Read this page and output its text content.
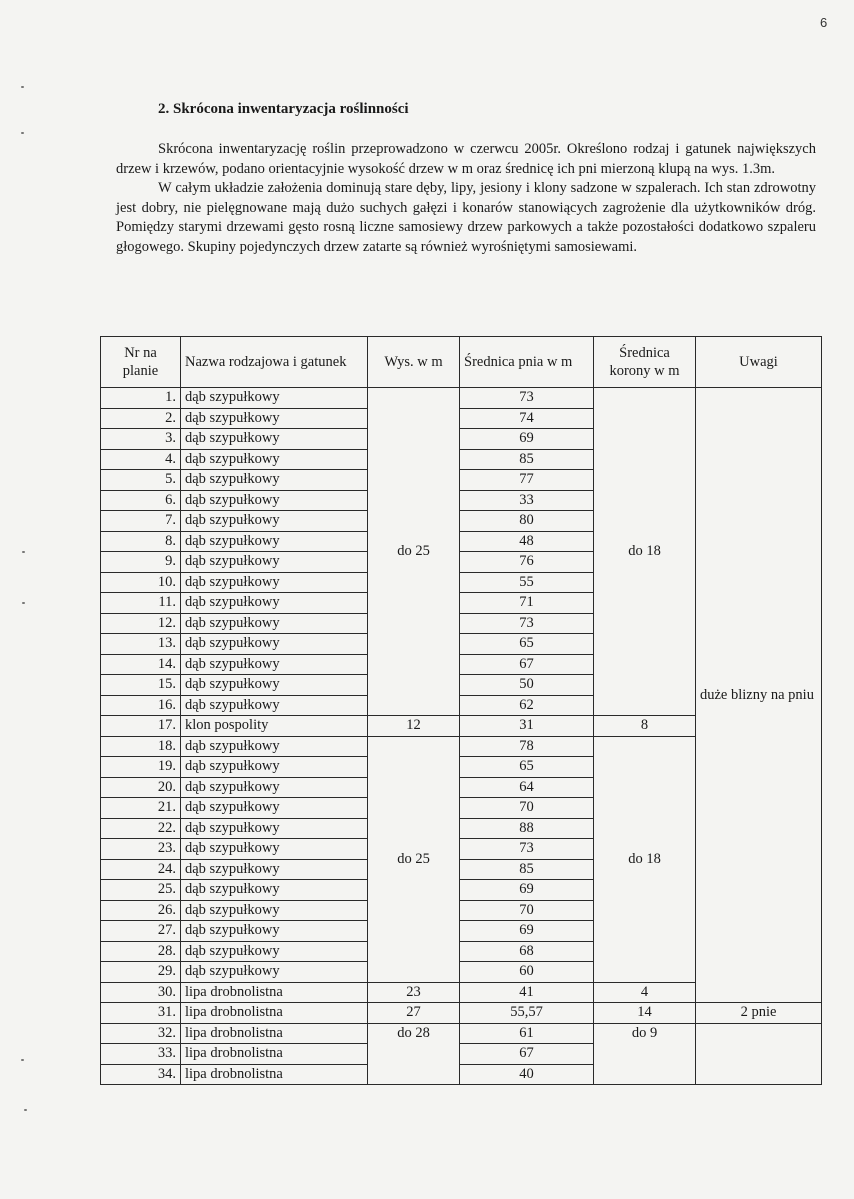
6
2. Skrócona inwentaryzacja roślinności

Skrócona inwentaryzację roślin przeprowadzono w czerwcu 2005r. Określono rodzaj i gatunek największych drzew i krzewów, podano orientacyjnie wysokość drzew w m oraz średnicę ich pni mierzoną klupą na wys. 1.3m.

W całym układzie założenia dominują stare dęby, lipy, jesiony i klony sadzone w szpalerach. Ich stan zdrowotny jest dobry, nie pielęgnowane mają dużo suchych gałęzi i konarów stanowiących zagrożenie dla użytkowników dróg. Pomiędzy starymi drzewami gęsto rosną liczne samosiewy drzew parkowych a także pozostałości dodatkowo szpaleru głogowego. Skupiny pojedynczych drzew zatarte są również wyrośniętymi samosiewami.

Nr na planie	Nazwa rodzajowa i gatunek	Wys. w m	Średnica pnia w m	Średnica korony w m	Uwagi
1.	dąb szypułkowy	do 25	73	do 18	duże blizny na pniu
2.	dąb szypułkowy		74		
3.	dąb szypułkowy		69		
4.	dąb szypułkowy		85		
5.	dąb szypułkowy		77		
6.	dąb szypułkowy		33		
7.	dąb szypułkowy		80		
8.	dąb szypułkowy		48		
9.	dąb szypułkowy		76		
10.	dąb szypułkowy		55		
11.	dąb szypułkowy		71		
12.	dąb szypułkowy		73		
13.	dąb szypułkowy		65		
14.	dąb szypułkowy		67		
15.	dąb szypułkowy		50		
16.	dąb szypułkowy		62		
17.	klon pospolity	12	31	8	
18.	dąb szypułkowy	do 25	78	do 18	
19.	dąb szypułkowy		65		
20.	dąb szypułkowy		64		
21.	dąb szypułkowy		70		
22.	dąb szypułkowy		88		
23.	dąb szypułkowy		73		
24.	dąb szypułkowy		85		
25.	dąb szypułkowy		69		
26.	dąb szypułkowy		70		
27.	dąb szypułkowy		69		
28.	dąb szypułkowy		68		
29.	dąb szypułkowy		60		
30.	lipa drobnolistna	23	41	4	
31.	lipa drobnolistna	27	55,57	14	2 pnie
32.	lipa drobnolistna	do 28	61	do 9	
33.	lipa drobnolistna		67		
34.	lipa drobnolistna		40		
